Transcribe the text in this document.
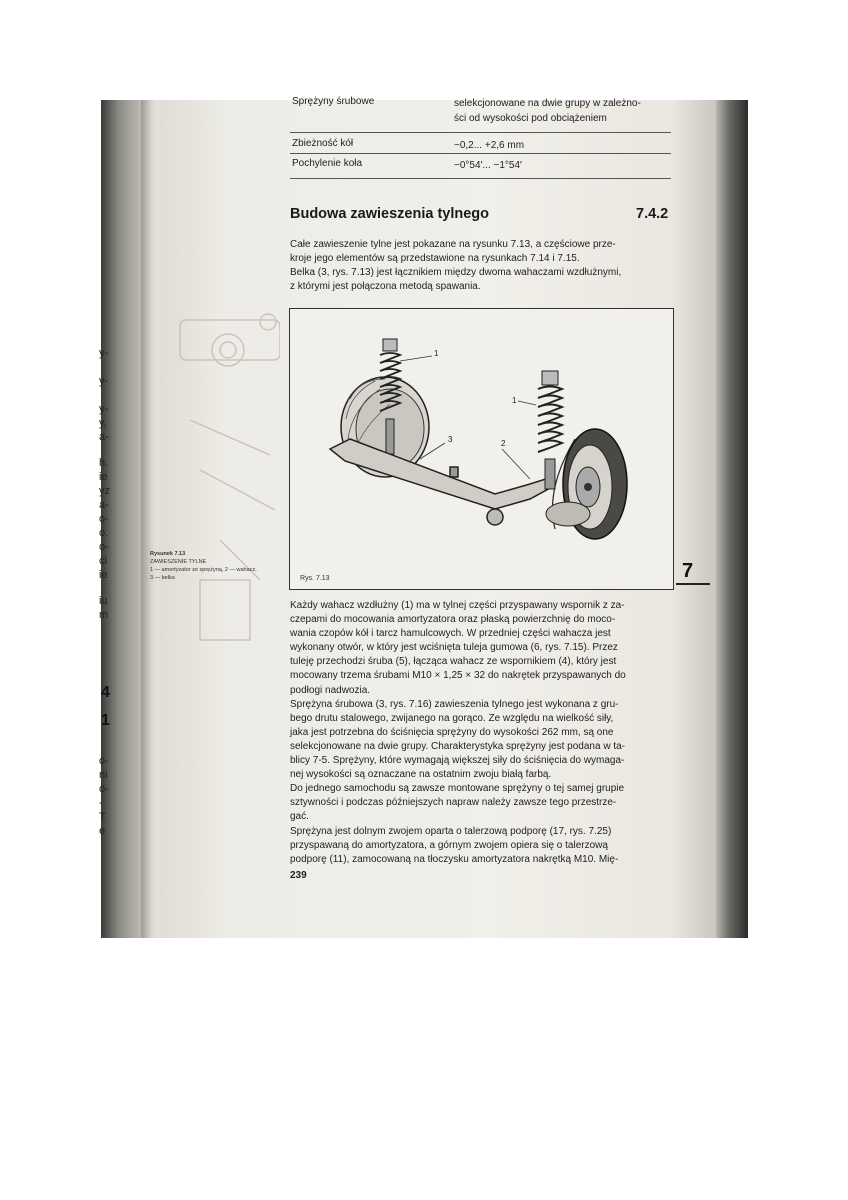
y-
y-
y-
y,
a-
h.
ie
yz
a-
o-
o.
o-
ci
ie
iu
m
4
1
o-
ni
o-
-
T
e
Sprężyny śrubowe	selekcjonowane na dwie grupy w zależno-
ści od wysokości pod obciążeniem
Zbieżność kół	−0,2... +2,6 mm
Pochylenie koła	−0°54′... −1°54′
Budowa zawieszenia tylnego	7.4.2
Całe zawieszenie tylne jest pokazane na rysunku 7.13, a częściowe prze-
kroje jego elementów są przedstawione na rysunkach 7.14 i 7.15.
Belka (3, rys. 7.13) jest łącznikiem między dwoma wahaczami wzdłużnymi,
z którymi jest połączona metodą spawania.
1
1
2
3
Rys. 7.13
Rysunek 7.13
ZAWIESZENIE TYLNE
1 — amortyzator ze sprężyną, 2 — wahacz,
3 — belka	7
Każdy wahacz wzdłużny (1) ma w tylnej części przyspawany wspornik z za-
czepami do mocowania amortyzatora oraz płaską powierzchnię do moco-
wania czopów kół i tarcz hamulcowych. W przedniej części wahacza jest
wykonany otwór, w który jest wciśnięta tuleja gumowa (6, rys. 7.15). Przez
tuleję przechodzi śruba (5), łącząca wahacz ze wspornikiem (4), który jest
mocowany trzema śrubami M10 × 1,25 × 32 do nakrętek przyspawanych do
podłogi nadwozia.
Sprężyna śrubowa (3, rys. 7.16) zawieszenia tylnego jest wykonana z gru-
bego drutu stalowego, zwijanego na gorąco. Ze względu na wielkość siły,
jaka jest potrzebna do ściśnięcia sprężyny do wysokości 262 mm, są one
selekcjonowane na dwie grupy. Charakterystyka sprężyny jest podana w ta-
blicy 7-5. Sprężyny, które wymagają większej siły do ściśnięcia do wymaga-
nej wysokości są oznaczane na ostatnim zwoju białą farbą.
Do jednego samochodu są zawsze montowane sprężyny o tej samej grupie
sztywności i podczas późniejszych napraw należy zawsze tego przestrze-
gać.
Sprężyna jest dolnym zwojem oparta o talerzową podporę (17, rys. 7.25)
przyspawaną do amortyzatora, a górnym zwojem opiera się o talerzową
podporę (11), zamocowaną na tłoczysku amortyzatora nakrętką M10. Mię-
239
